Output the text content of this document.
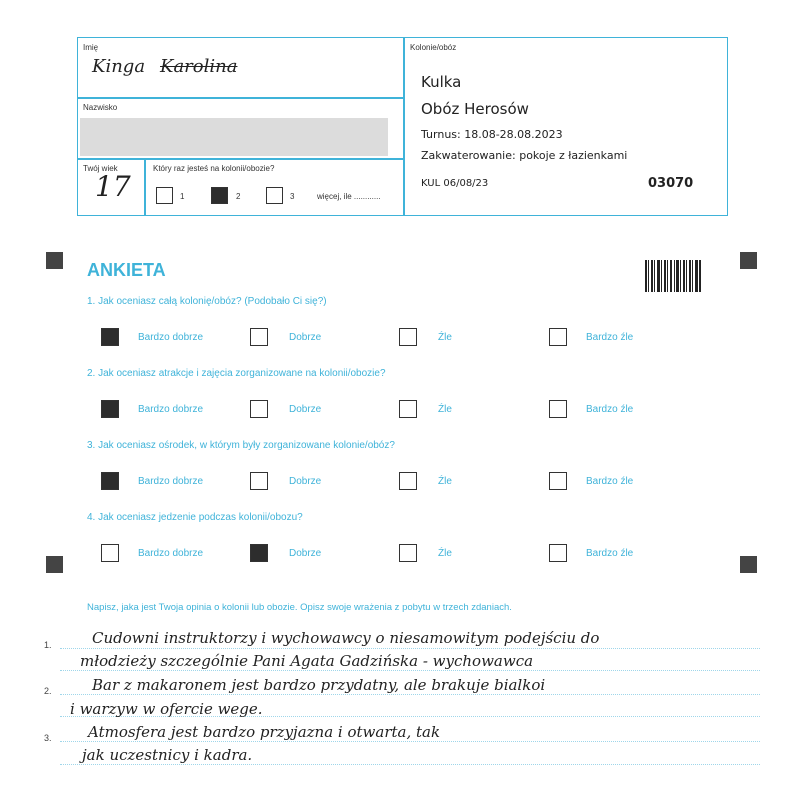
Imię
Kinga Karolina
Nazwisko
Twój wiek
17
Który raz jesteś na kolonii/obozie?
1	2	3	więcej, ile ............
Kolonie/obóz
Kulka
Obóz Herosów
Turnus: 18.08-28.08.2023
Zakwaterowanie: pokoje z łazienkami
KUL 06/08/23	03070
ANKIETA
1. Jak oceniasz całą kolonię/obóz? (Podobało Ci się?)
2. Jak oceniasz atrakcje i zajęcia zorganizowane na kolonii/obozie?
3. Jak oceniasz ośrodek, w którym były zorganizowane kolonie/obóz?
4. Jak oceniasz jedzenie podczas kolonii/obozu?
Bardzo dobrze	Dobrze	Źle	Bardzo źle
Bardzo dobrze	Dobrze	Źle	Bardzo źle
Bardzo dobrze	Dobrze	Źle	Bardzo źle
Bardzo dobrze	Dobrze	Źle	Bardzo źle
Napisz, jaka jest Twoja opinia o kolonii lub obozie. Opisz swoje wrażenia z pobytu w trzech zdaniach.
1.
2.
3.
Cudowni instruktorzy i wychowawcy o niesamowitym podejściu do
młodzieży szczególnie Pani Agata Gadzińska - wychowawca
Bar z makaronem jest bardzo przydatny, ale brakuje bialkoi
i warzyw w ofercie wege.
Atmosfera jest bardzo przyjazna i otwarta, tak
jak uczestnicy i kadra.
